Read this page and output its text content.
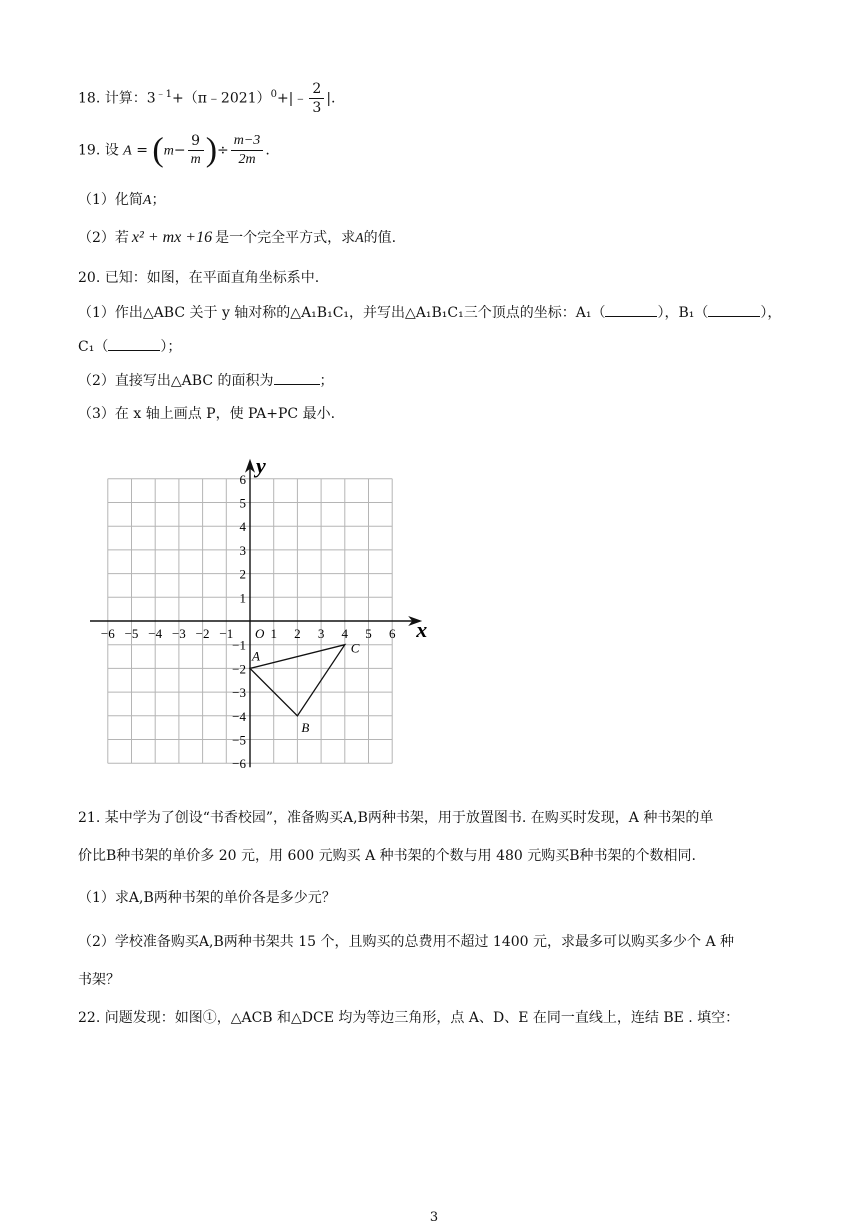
18. 计算：$3^{﹣1}+(\pi﹣2021)^0+|﹣ \frac{2}{3}$ |.
19. 设 $A = (m- \frac{9}{m}$ )÷ $\frac{m-3}{2m}$ .
（1）化简A；
（2）若 x² + mx +16 是一个完全平方式，求A的值.
20. 已知：如图，在平面直角坐标系中.
（1）作出△ABC 关于 y 轴对称的△A₁B₁C₁，并写出△A₁B₁C₁三个顶点的坐标：A₁（	），B₁（	），
C₁（	）；
（2）直接写出△ABC 的面积为	；
（3）在 x 轴上画点 P，使 PA+PC 最小.
x
y
−6 −5 −4 −3 −2 −1	1 2 3 4 5 6
O
6
5
4
3
2
1
−1
−2
−3
−4
−5
−6
A
B
C
21. 某中学为了创设“书香校园”，准备购买A,B两种书架，用于放置图书. 在购买时发现，A 种书架的单
价比B种书架的单价多 20 元，用 600 元购买 A 种书架的个数与用 480 元购买B种书架的个数相同.
（1）求A,B两种书架的单价各是多少元？
（2）学校准备购买A,B两种书架共 15 个，且购买的总费用不超过 1400 元，求最多可以购买多少个 A 种
书架？
22. 问题发现：如图①，△ACB 和△DCE 均为等边三角形，点 A、D、E 在同一直线上，连结 BE . 填空：
3
